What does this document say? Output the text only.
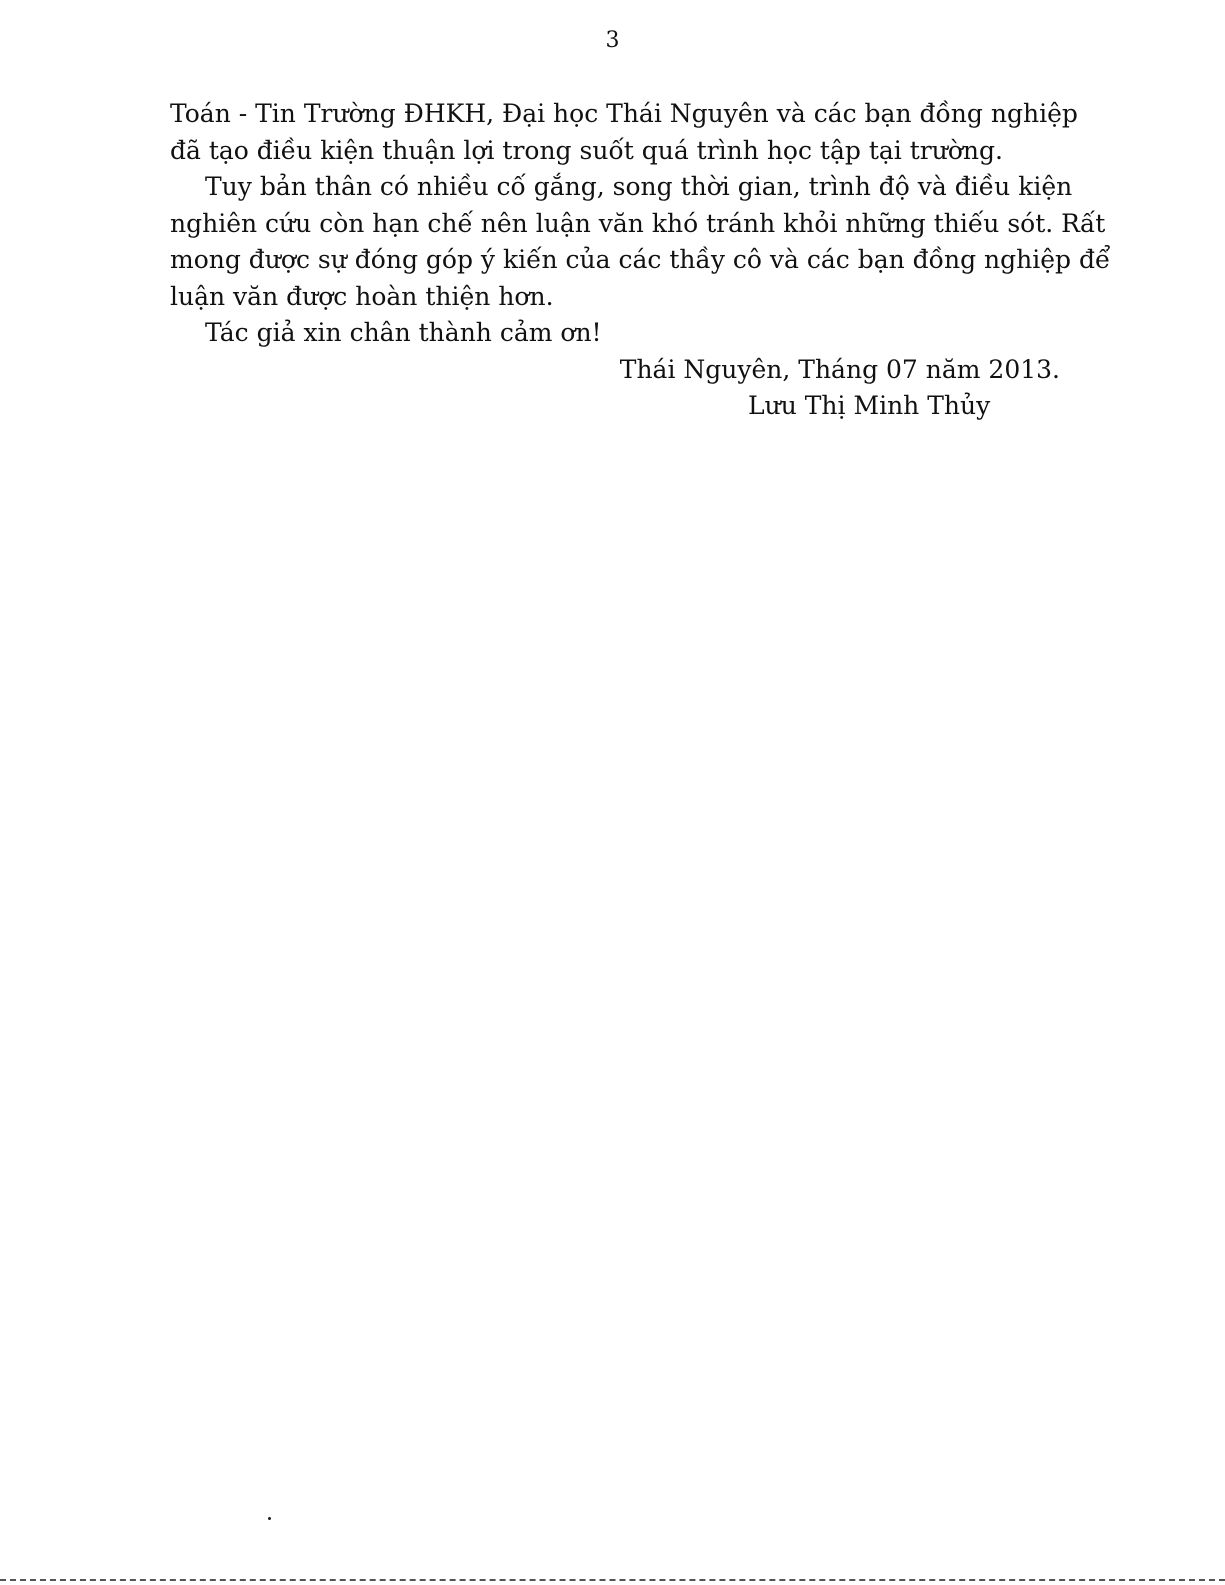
3
Toán - Tin Trường ĐHKH, Đại học Thái Nguyên và các bạn đồng nghiệp
đã tạo điều kiện thuận lợi trong suốt quá trình học tập tại trường.
Tuy bản thân có nhiều cố gắng, song thời gian, trình độ và điều kiện
nghiên cứu còn hạn chế nên luận văn khó tránh khỏi những thiếu sót. Rất
mong được sự đóng góp ý kiến của các thầy cô và các bạn đồng nghiệp để
luận văn được hoàn thiện hơn.
Tác giả xin chân thành cảm ơn!
Thái Nguyên, Tháng 07 năm 2013.
Lưu Thị Minh Thủy
